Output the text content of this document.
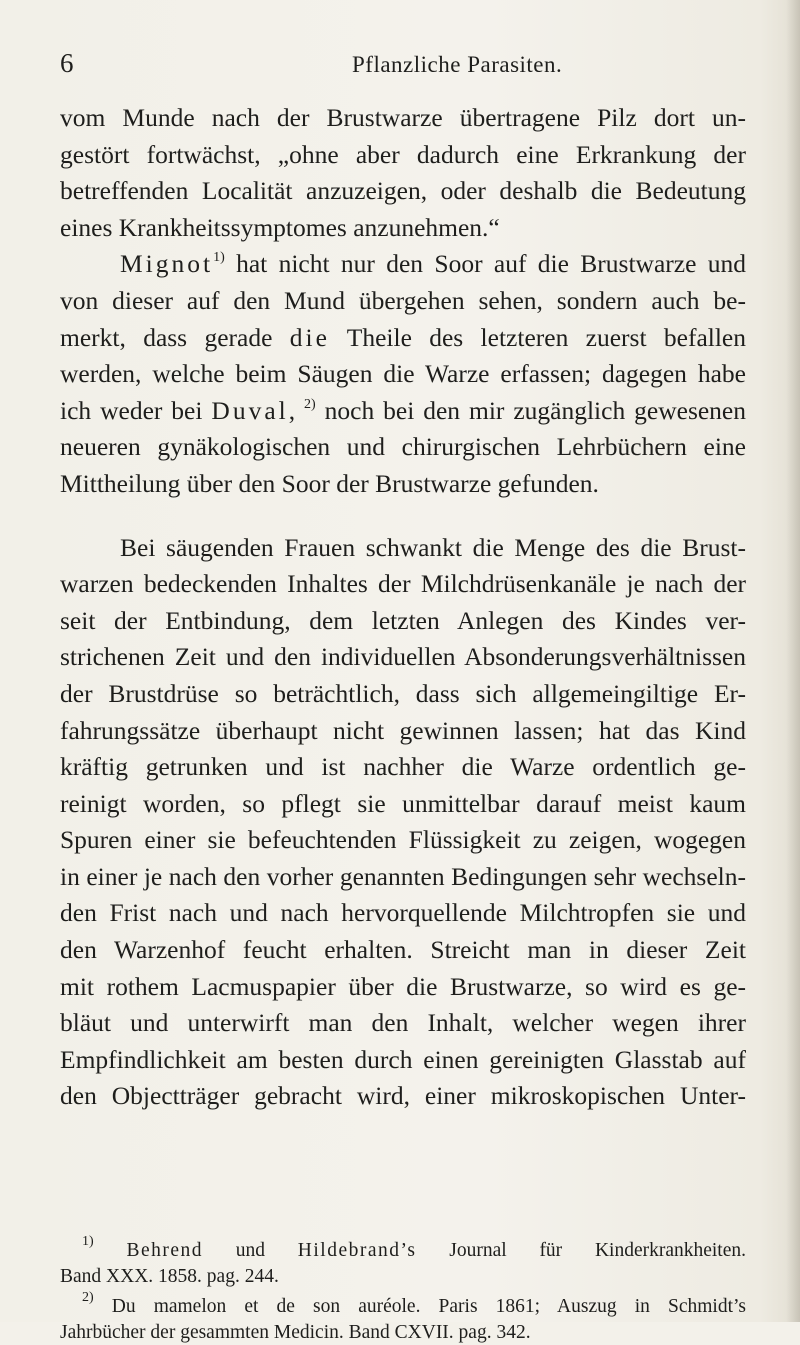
6	Pflanzliche Parasiten.
vom Munde nach der Brustwarze übertragene Pilz dort un-
gestört fortwächst, „ohne aber dadurch eine Erkrankung der
betreffenden Localität anzuzeigen, oder deshalb die Bedeutung
eines Krankheitssymptomes anzunehmen.“
Mignot$^{1)}$ hat nicht nur den Soor auf die Brustwarze und
von dieser auf den Mund übergehen sehen, sondern auch be-
merkt, dass gerade die Theile des letzteren zuerst befallen
werden, welche beim Säugen die Warze erfassen; dagegen habe
ich weder bei Duval, $^{2)}$ noch bei den mir zugänglich gewesenen
neueren gynäkologischen und chirurgischen Lehrbüchern eine
Mittheilung über den Soor der Brustwarze gefunden.
Bei säugenden Frauen schwankt die Menge des die Brust-
warzen bedeckenden Inhaltes der Milchdrüsenkanäle je nach der
seit der Entbindung, dem letzten Anlegen des Kindes ver-
strichenen Zeit und den individuellen Absonderungsverhältnissen
der Brustdrüse so beträchtlich, dass sich allgemeingiltige Er-
fahrungssätze überhaupt nicht gewinnen lassen; hat das Kind
kräftig getrunken und ist nachher die Warze ordentlich ge-
reinigt worden, so pflegt sie unmittelbar darauf meist kaum
Spuren einer sie befeuchtenden Flüssigkeit zu zeigen, wogegen
in einer je nach den vorher genannten Bedingungen sehr wechseln-
den Frist nach und nach hervorquellende Milchtropfen sie und
den Warzenhof feucht erhalten. Streicht man in dieser Zeit
mit rothem Lacmuspapier über die Brustwarze, so wird es ge-
bläut und unterwirft man den Inhalt, welcher wegen ihrer
Empfindlichkeit am besten durch einen gereinigten Glasstab auf
den Objectträger gebracht wird, einer mikroskopischen Unter-
$^{1)}$ Behrend und Hildebrand’s Journal für Kinderkrankheiten.
Band XXX. 1858. pag. 244.
$^{2)}$ Du mamelon et de son auréole. Paris 1861; Auszug in Schmidt’s
Jahrbücher der gesammten Medicin. Band CXVII. pag. 342.
